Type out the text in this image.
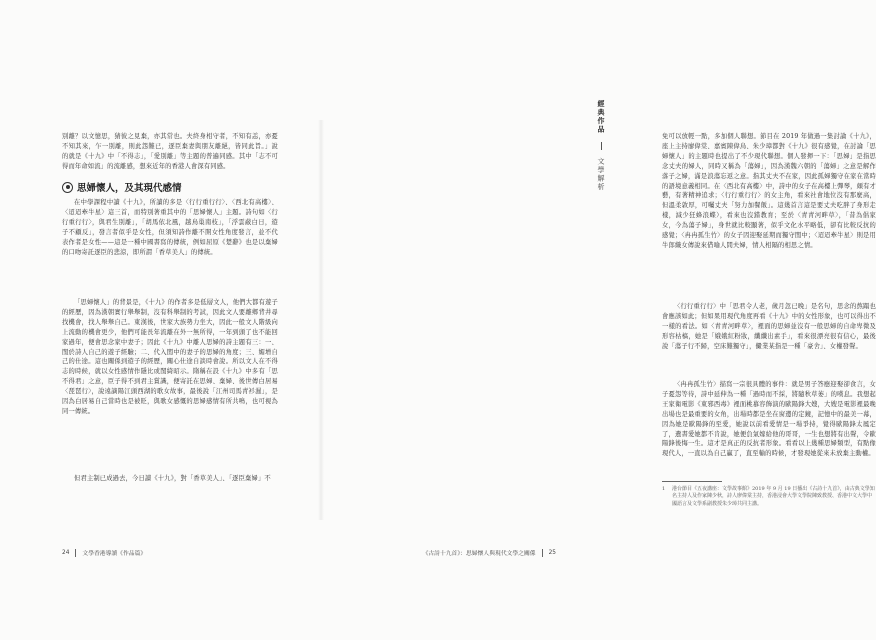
別離？以文憶思，猜彼之見棄，亦其常也。夫終身相守者，不知有恙，亦憂不知其來，乍一別離，則此怨難已，逐臣棄妻與朋友離絕，皆同此旨。」說的就是《十九》中「不得志」，「愛別離」等主題的普遍同感。其中「志不可得而年命如流」的流離感，想來近年的香港人會深有同感。

思婦懷人，及其現代感情

在中學課程中讀《十九》，所讀的多是〈行行重行行〉、〈西北有高樓〉、〈迢迢牽牛星〉這三首，而特別著重其中的「思婦懷人」主題。詩句如〈行行重行行〉，與君生別離」，「胡馬依北風，越鳥巢南枝」，「浮雲蔽白日，遊子不顧反」，發言者似乎是女性，但須知詩作離不開女性角度發言，並不代表作者是女性——這是一種中國書寫的傳統，例如屈原《楚辭》也是以棄婦的口吻寄託逐臣的悲涼，即所謂「香草美人」的傳統。

「思婦懷人」的背景是，《十九》的作者多是低層文人，他們大都有遊子的經歷，因為漢朝實行舉舉制，沒有科舉制的考試，因此文人要離鄉背井尋找機會，找人舉舉自己。東漢後，世家大族勢力坐大，因此一般文人階級向上流動的機會更少，他們可能長年流離在外一無所得，一年到頭了也不能回家過年，便會思念家中妻子；因此《十九》中離人思婦的詩主題有三：一、閨於詩人自己的遊子經驗；二、代入閨中的妻子的思婦的角度；三、媚增自己的仕途。這也關係到遊子的經歷，關心仕途自談時會說。所以文人在不得志的時候，就以女性感情作隱比或閨綺昭示。隋稱在設《十九》中多有「思不得君」之意，臣子得不到君主賞識，便寄託在思婦、棄婦、後世傳白居易〈琵琶行〉，說遠謫陽江頭西湖的歌女故事，最後說「江州司馬青衫濕」，是因為白居易自己當時也是被貶，與歌女感慨的思婦感情有所共鳴，也可視為同一傳統。

但君主制已成過去，今日讀《十九》，對「香草美人」、「逐臣棄婦」不

24 文學香港導讀《作品篇》

免可以放輕一點，多加個人聯想。節目在 2019 年做過一集討論《十九》，座上主持廖偉棠、嘉賓陳偉烏、朱少璋都對《十九》很有感覺，在討論「思婦懷人」的主題時也提出了不少現代聯想。個人發揮一下：「思婦」是指思念丈夫的婦人，同時又稱為「蕩婦」，因為漢魏六朝的「蕩婦」之意是解作落子之婦，滿是浪蕩忘返之意。指其丈夫不在家，因此孤婦獨守在家在當時的語境意義相同。在〈西北有高樓〉中，詩中的女子在高樓上彈琴，頗有才藝，有著精神追求；〈行行重行行〉的女主角，看來社會地位沒有那麼高，但溫柔敦厚，可囑丈夫「努力加餐飯」。這幾首言這是要丈夫吃胖了身形走樣，減少狂蜂浪蝶），看來也沒錯教育；至於〈青青河畔草〉，「昔為倡家女，今為蕩子婦」，身世就比較顯著，似乎文化水平略低，卻有比較反抗的感覺；〈冉冉孤生竹〉的女子因迎娶延期而獨守閨中；〈迢迢牽牛星〉則是用牛郎織女傳說來借喻人間夫婦，情人相隔的相思之情。

〈行行重行行〉中「思君令人老，歲月忽已晚」是名句，思念的熬蹋也會應該如此；但如果用現代角度再看《十九》中的女性形象，也可以得出不一樣的看法。如〈青青河畔草〉，裡面的思婦並沒有一般思婦的自命卑微及形容枯槁，她是「娥娥紅粉妝，纖纖出素手」，看來很漂亮很有信心，最後說「蕩子行不歸，空床難獨守」，儼業某指是一種「豪舍」、女權發聲。

〈冉冉孤生竹〉描寫一宗很具體的事件：就是男子答應迎娶卻食言，女子憂怨等待，詩中延伸為一種「過時而不採，將隨秋草萎」的嘆息。我想起王家衛電影《東邪西毒》裡面桃慕容飾演的歐陽鋒大嫂，大嫂是電影裡最晚出場也是最重要的女角，出場時都是坐在窗邊的定鏡，記憶中的最美一幕，因為她是歐陽鋒的至愛，她說以前看愛情是一場爭持，覺得歐陽鋒太鳳定了，遺書愛她都不肯說，她便負氣嫁給他的哥哥，一生也想將有出聲，令歐陽鋒後悔一生。這才是真正的反抗者形象。看看以上幾種思婦類型，有點像現代人，一直以為自己贏了，直至輸的時候，才發現她從來未放棄主動權。

1	港台節目《五夜講座：文學故事館》2019 年 9 月 19 日播出《古詩十九首》，由古典文學知名主持人及作家陳少秋，詩人廖偉棠主持，香港浸會大學文學院陳致教授、香港中文大學中國語言及文學系副教授朱少璋共同主講。
《古詩十九首》：思婦懷人與現代文學之關係 25
經典作品  文學解析
